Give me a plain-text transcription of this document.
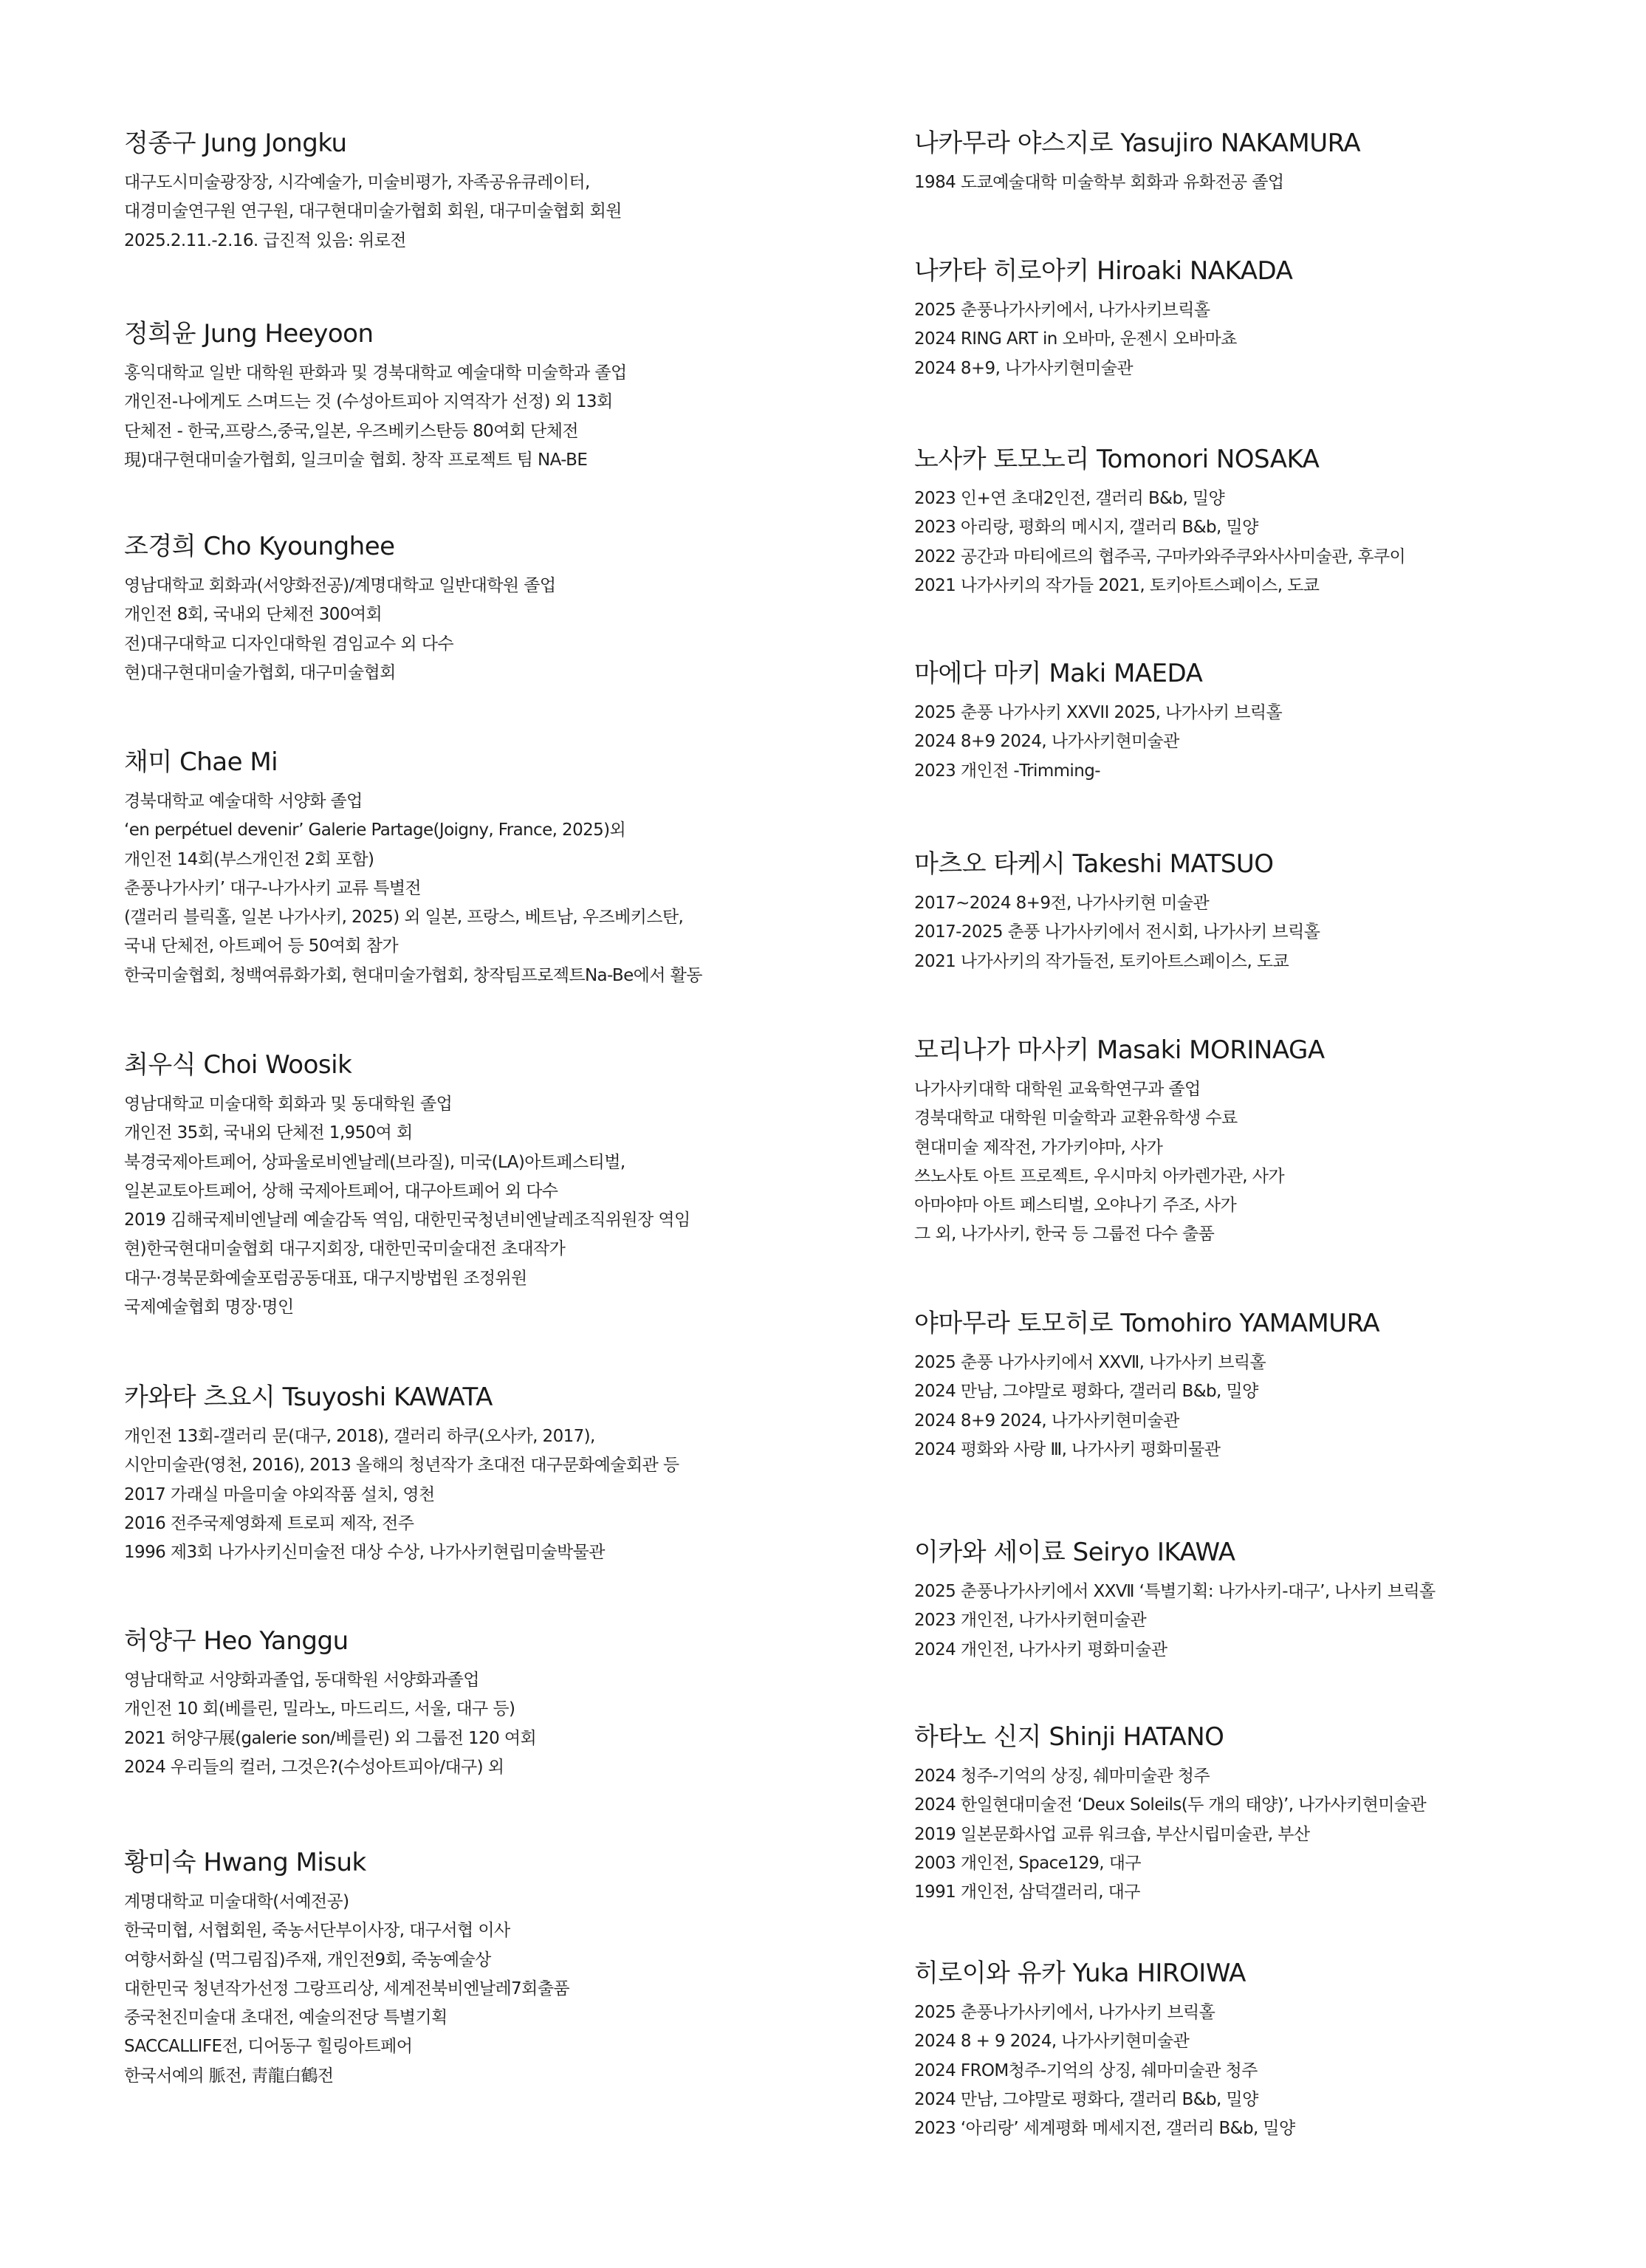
정종구 Jung Jongku
대구도시미술광장장, 시각예술가, 미술비평가, 자족공유큐레이터,
대경미술연구원 연구원, 대구현대미술가협회 회원, 대구미술협회 회원
2025.2.11.-2.16. 급진적 있음: 위로전
정희윤 Jung Heeyoon
홍익대학교 일반 대학원 판화과 및 경북대학교 예술대학 미술학과 졸업
개인전-나에게도 스며드는 것 (수성아트피아 지역작가 선정) 외 13회
단체전 - 한국,프랑스,중국,일본, 우즈베키스탄등 80여회 단체전
現)대구현대미술가협회, 일크미술 협회. 창작 프로젝트 팀 NA-BE
조경희 Cho Kyounghee
영남대학교 회화과(서양화전공)/계명대학교 일반대학원 졸업
개인전 8회, 국내외 단체전 300여회
전)대구대학교 디자인대학원 겸임교수 외 다수
현)대구현대미술가협회, 대구미술협회
채미 Chae Mi
경북대학교 예술대학 서양화 졸업
‘en perpétuel devenir’ Galerie Partage(Joigny, France, 2025)외
개인전 14회(부스개인전 2회 포함)
춘풍나가사키’ 대구-나가사키 교류 특별전
(갤러리 블릭홀, 일본 나가사키, 2025) 외 일본, 프랑스, 베트남, 우즈베키스탄,
국내 단체전, 아트페어 등 50여회 참가
한국미술협회, 청백여류화가회, 현대미술가협회, 창작팀프로젝트Na-Be에서 활동
최우식 Choi Woosik
영남대학교 미술대학 회화과 및 동대학원 졸업
개인전 35회, 국내외 단체전 1,950여 회
북경국제아트페어, 상파울로비엔날레(브라질), 미국(LA)아트페스티벌,
일본교토아트페어, 상해 국제아트페어, 대구아트페어 외 다수
2019 김해국제비엔날레 예술감독 역임, 대한민국청년비엔날레조직위원장 역임
현)한국현대미술협회 대구지회장, 대한민국미술대전 초대작가
대구·경북문화예술포럼공동대표, 대구지방법원 조정위원
국제예술협회 명장·명인
카와타 츠요시 Tsuyoshi KAWATA
개인전 13회-갤러리 문(대구, 2018), 갤러리 하쿠(오사카, 2017),
시안미술관(영천, 2016), 2013 올해의 청년작가 초대전 대구문화예술회관 등
2017 가래실 마을미술 야외작품 설치, 영천
2016 전주국제영화제 트로피 제작, 전주
1996 제3회 나가사키신미술전 대상 수상, 나가사키현립미술박물관
허양구 Heo Yanggu
영남대학교 서양화과졸업, 동대학원 서양화과졸업
개인전 10 회(베를린, 밀라노, 마드리드, 서울, 대구 등)
2021 허양구展(galerie son/베를린) 외 그룹전 120 여회
2024 우리들의 컬러, 그것은?(수성아트피아/대구) 외
황미숙 Hwang Misuk
계명대학교 미술대학(서예전공)
한국미협, 서협회원, 죽농서단부이사장, 대구서협 이사
여향서화실 (먹그림집)주재, 개인전9회, 죽농예술상
대한민국 청년작가선정 그랑프리상, 세계전북비엔날레7회출품
중국천진미술대 초대전, 예술의전당 특별기획
SACCALLIFE전, 디어동구 힐링아트페어
한국서예의 脈전, 靑龍白鶴전
나카무라 야스지로 Yasujiro NAKAMURA
1984 도쿄예술대학 미술학부 회화과 유화전공 졸업
나카타 히로아키 Hiroaki NAKADA
2025 춘풍나가사키에서, 나가사키브릭홀
2024 RING ART in 오바마, 운젠시 오바마쵸
2024 8+9, 나가사키현미술관
노사카 토모노리 Tomonori NOSAKA
2023 인+연 초대2인전, 갤러리 B&b, 밀양
2023 아리랑, 평화의 메시지, 갤러리 B&b, 밀양
2022 공간과 마티에르의 협주곡, 구마카와주쿠와사사미술관, 후쿠이
2021 나가사키의 작가들 2021, 토키아트스페이스, 도쿄
마에다 마키 Maki MAEDA
2025 춘풍 나가사키 XXVII 2025, 나가사키 브릭홀
2024 8+9 2024, 나가사키현미술관
2023 개인전 -Trimming-
마츠오 타케시 Takeshi MATSUO
2017~2024 8+9전, 나가사키현 미술관
2017-2025 춘풍 나가사키에서 전시회, 나가사키 브릭홀
2021 나가사키의 작가들전, 토키아트스페이스, 도쿄
모리나가 마사키 Masaki MORINAGA
나가사키대학 대학원 교육학연구과 졸업
경북대학교 대학원 미술학과 교환유학생 수료
현대미술 제작전, 가가키야마, 사가
쓰노사토 아트 프로젝트, 우시마치 아카렌가관, 사가
아마야마 아트 페스티벌, 오야나기 주조, 사가
그 외, 나가사키, 한국 등 그룹전 다수 출품
야마무라 토모히로 Tomohiro YAMAMURA
2025 춘풍 나가사키에서 XXⅦ, 나가사키 브릭홀
2024 만남, 그야말로 평화다, 갤러리 B&b, 밀양
2024 8+9 2024, 나가사키현미술관
2024 평화와 사랑 Ⅲ, 나가사키 평화미물관
이카와 세이료 Seiryo IKAWA
2025 춘풍나가사키에서 XXⅦ ‘특별기획: 나가사키-대구’, 나사키 브릭홀
2023 개인전, 나가사키현미술관
2024 개인전, 나가사키 평화미술관
하타노 신지 Shinji HATANO
2024 청주-기억의 상징, 쉐마미술관 청주
2024 한일현대미술전 ‘Deux Soleils(두 개의 태양)’, 나가사키현미술관
2019 일본문화사업 교류 워크숍, 부산시립미술관, 부산
2003 개인전, Space129, 대구
1991 개인전, 삼덕갤러리, 대구
히로이와 유카 Yuka HIROIWA
2025 춘풍나가사키에서, 나가사키 브릭홀
2024 8 + 9 2024, 나가사키현미술관
2024 FROM청주-기억의 상징, 쉐마미술관 청주
2024 만남, 그야말로 평화다, 갤러리 B&b, 밀양
2023 ‘아리랑’ 세계평화 메세지전, 갤러리 B&b, 밀양
